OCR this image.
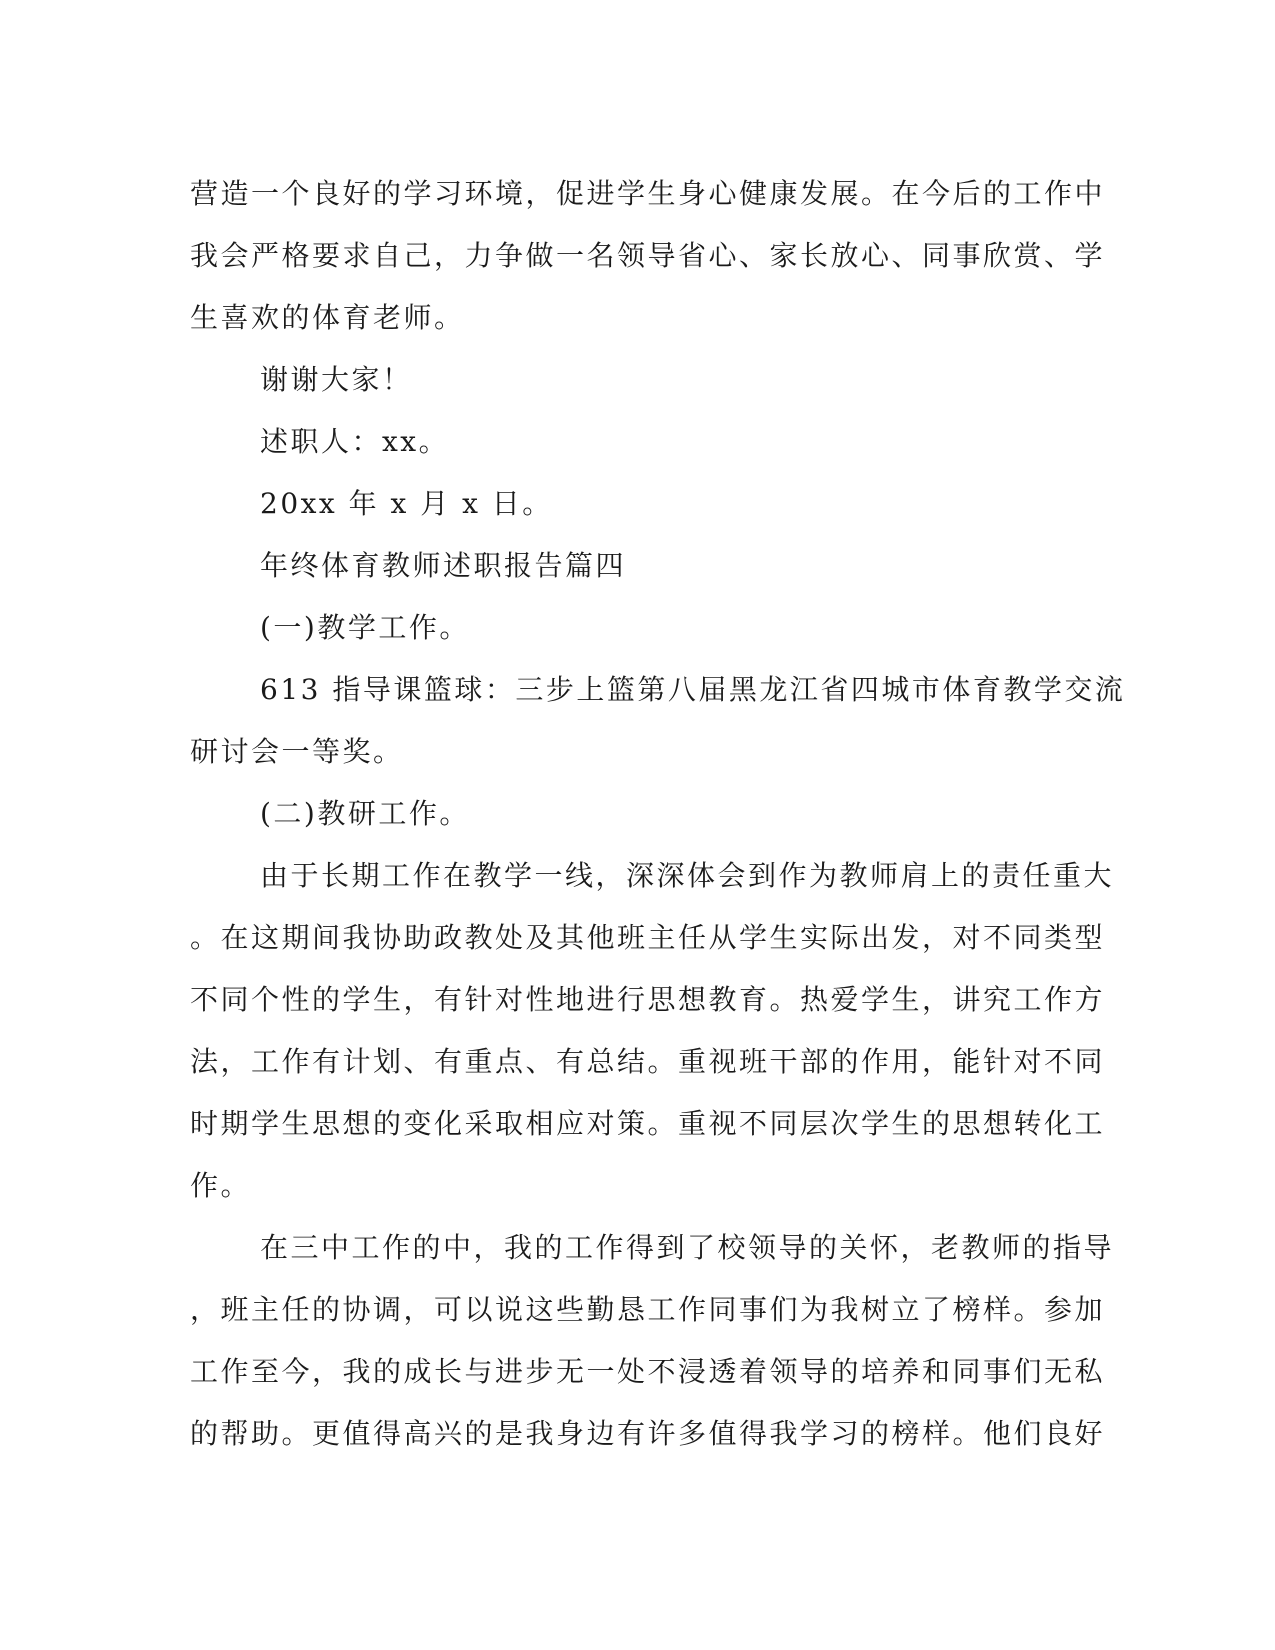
营造一个良好的学习环境，促进学生身心健康发展。在今后的工作中
我会严格要求自己，力争做一名领导省心、家长放心、同事欣赏、学
生喜欢的体育老师。
谢谢大家！
述职人：xx。
20xx 年 x 月 x 日。
年终体育教师述职报告篇四
(一)教学工作。
613 指导课篮球：三步上篮第八届黑龙江省四城市体育教学交流
研讨会一等奖。
(二)教研工作。
由于长期工作在教学一线，深深体会到作为教师肩上的责任重大
。在这期间我协助政教处及其他班主任从学生实际出发，对不同类型
不同个性的学生，有针对性地进行思想教育。热爱学生，讲究工作方
法，工作有计划、有重点、有总结。重视班干部的作用，能针对不同
时期学生思想的变化采取相应对策。重视不同层次学生的思想转化工
作。
在三中工作的中，我的工作得到了校领导的关怀，老教师的指导
，班主任的协调，可以说这些勤恳工作同事们为我树立了榜样。参加
工作至今，我的成长与进步无一处不浸透着领导的培养和同事们无私
的帮助。更值得高兴的是我身边有许多值得我学习的榜样。他们良好
